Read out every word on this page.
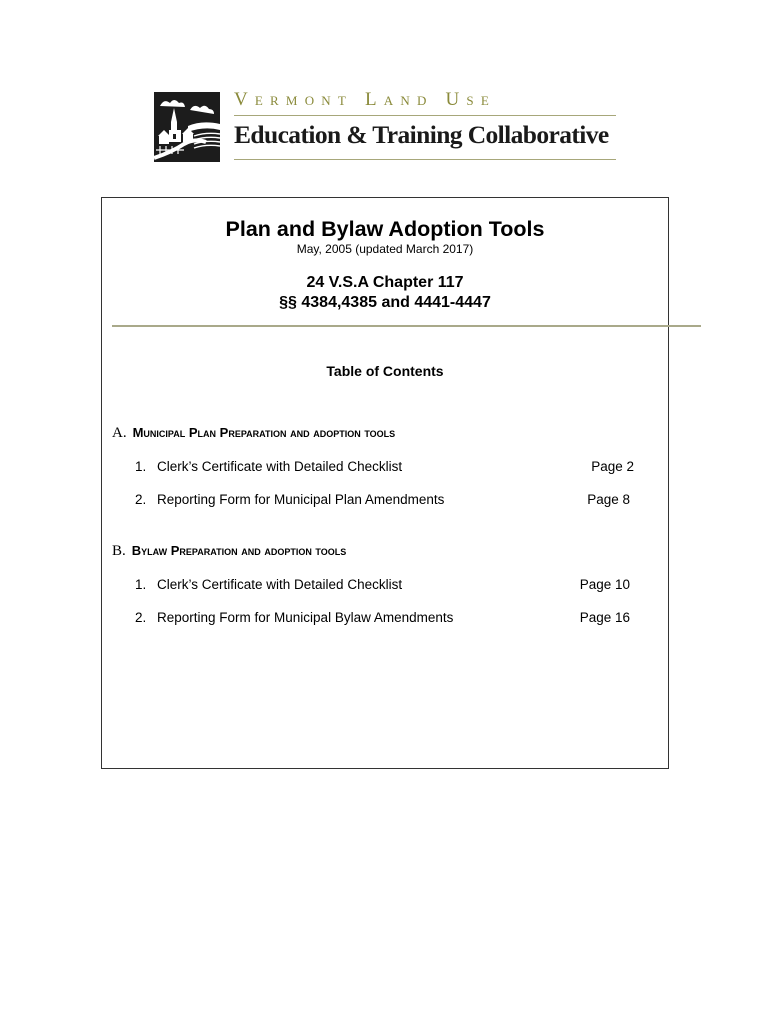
Vermont Land Use
Education & Training Collaborative
Plan and Bylaw Adoption Tools
May, 2005 (updated March 2017)
24 V.S.A Chapter 117
§§ 4384,4385 and 4441-4447
Table of Contents
A. Municipal Plan Preparation and adoption tools
1. Clerk’s Certificate with Detailed Checklist	Page 2
2. Reporting Form for Municipal Plan Amendments	Page 8
B. Bylaw Preparation and adoption tools
1. Clerk’s Certificate with Detailed Checklist	Page 10
2. Reporting Form for Municipal Bylaw Amendments	Page 16
